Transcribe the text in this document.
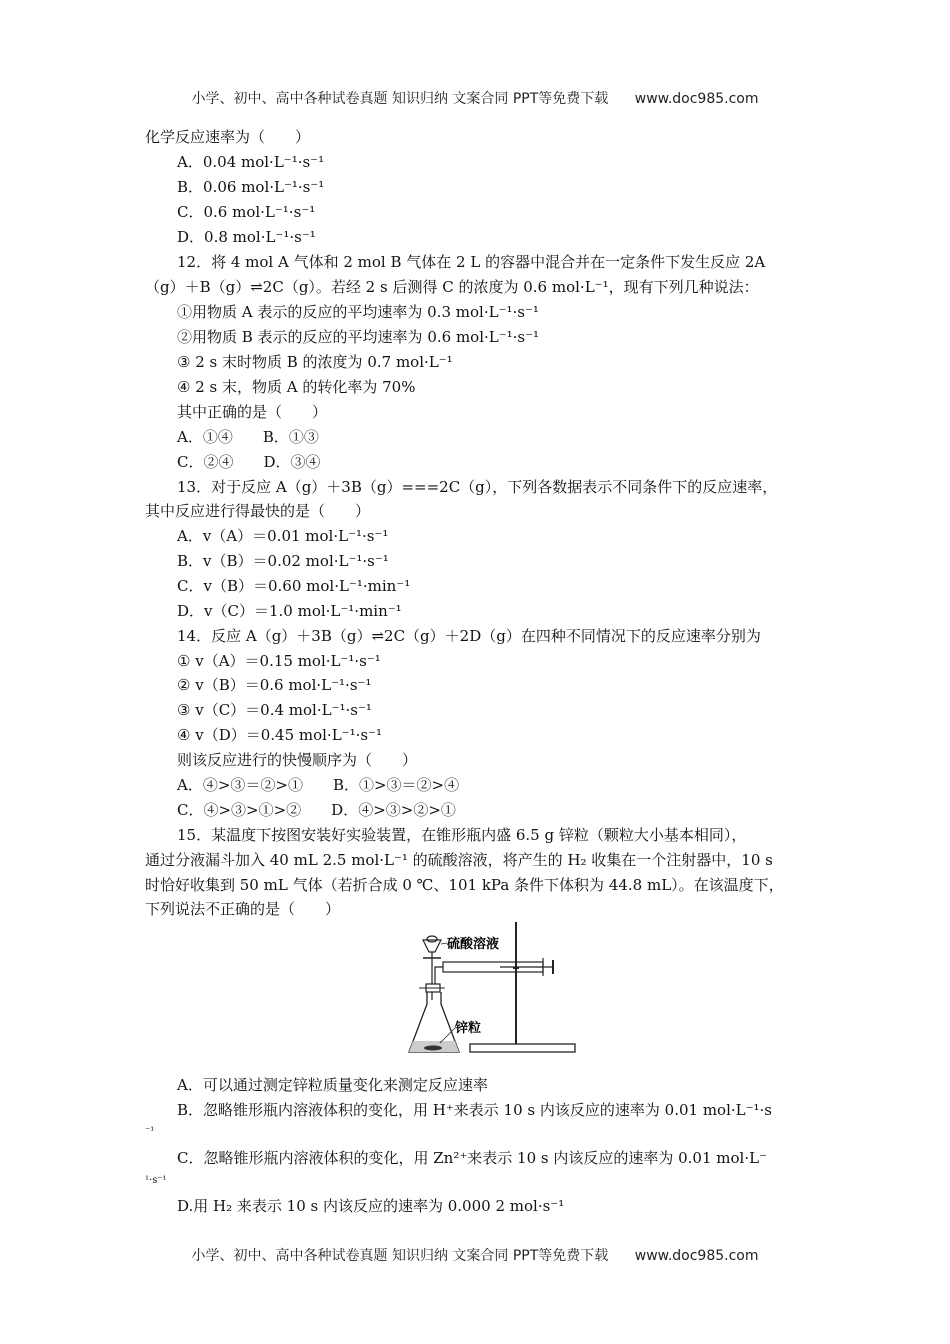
小学、初中、高中各种试卷真题 知识归纳 文案合同 PPT等免费下载 www.doc985.com
化学反应速率为（　　）
A．0.04 mol·L⁻¹·s⁻¹
B．0.06 mol·L⁻¹·s⁻¹
C．0.6 mol·L⁻¹·s⁻¹
D．0.8 mol·L⁻¹·s⁻¹
12．将 4 mol A 气体和 2 mol B 气体在 2 L 的容器中混合并在一定条件下发生反应 2A
（g）＋B（g）⇌2C（g）。若经 2 s 后测得 C 的浓度为 0.6 mol·L⁻¹，现有下列几种说法：
①用物质 A 表示的反应的平均速率为 0.3 mol·L⁻¹·s⁻¹
②用物质 B 表示的反应的平均速率为 0.6 mol·L⁻¹·s⁻¹
③ 2 s 末时物质 B 的浓度为 0.7 mol·L⁻¹
④ 2 s 末，物质 A 的转化率为 70%
其中正确的是（　　）
A．①④　　B．①③
C．②④　　D．③④
13．对于反应 A（g）＋3B（g）===2C（g），下列各数据表示不同条件下的反应速率，
其中反应进行得最快的是（　　）
A．v（A）＝0.01 mol·L⁻¹·s⁻¹
B．v（B）＝0.02 mol·L⁻¹·s⁻¹
C．v（B）＝0.60 mol·L⁻¹·min⁻¹
D．v（C）＝1.0 mol·L⁻¹·min⁻¹
14．反应 A（g）＋3B（g）⇌2C（g）＋2D（g）在四种不同情况下的反应速率分别为
① v（A）＝0.15 mol·L⁻¹·s⁻¹
② v（B）＝0.6 mol·L⁻¹·s⁻¹
③ v（C）＝0.4 mol·L⁻¹·s⁻¹
④ v（D）＝0.45 mol·L⁻¹·s⁻¹
则该反应进行的快慢顺序为（　　）
A．④>③＝②>①　　B．①>③＝②>④
C．④>③>①>②　　D．④>③>②>①
15．某温度下按图安装好实验装置，在锥形瓶内盛 6.5 g 锌粒（颗粒大小基本相同），
通过分液漏斗加入 40 mL 2.5 mol·L⁻¹ 的硫酸溶液，将产生的 H₂ 收集在一个注射器中，10 s
时恰好收集到 50 mL 气体（若折合成 0 ℃、101 kPa 条件下体积为 44.8 mL）。在该温度下，
下列说法不正确的是（　　）
硫酸溶液
锌粒
A．可以通过测定锌粒质量变化来测定反应速率
B．忽略锥形瓶内溶液体积的变化，用 H⁺来表示 10 s 内该反应的速率为 0.01 mol·L⁻¹·s
⁻¹
C．忽略锥形瓶内溶液体积的变化，用 Zn²⁺来表示 10 s 内该反应的速率为 0.01 mol·L⁻
¹·s⁻¹
D.用 H₂ 来表示 10 s 内该反应的速率为 0.000 2 mol·s⁻¹
小学、初中、高中各种试卷真题 知识归纳 文案合同 PPT等免费下载 www.doc985.com
